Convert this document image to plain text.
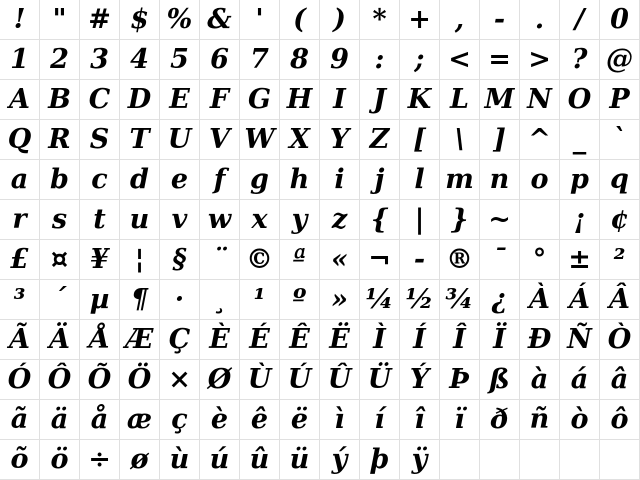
!	" # $ % & '	(	) * + ,	-	.	/ 0
1 2 3 4 5 6 7 8 9 :	; < = > ? @
A B C D E F G H I	J K L M N O P
Q R S T U V W X Y Z [	\	] ^ _ `
a b c d e f g h i	j	l m n o p q
r s t u v w x y z { | } ~	¡ ¢
£ ¤ ¥ ¦	§ ¨ © ª « ¬ - ® ¯ ° ± ²
³	´ µ ¶ ·	¸	¹	º » ¼ ½ ¾ ¿ À Á Â
Ã Ä Å Æ Ç È É Ê Ë Ì	Í	Î	Ï Ð Ñ Ò
Ó Ô Õ Ö × Ø Ù Ú Û Ü Ý Þ ß à á â
ã ä å æ ç è ê ë ì	í	î	ï ð ñ ò ô
õ ö ÷ ø ù ú û ü ý þ ÿ
